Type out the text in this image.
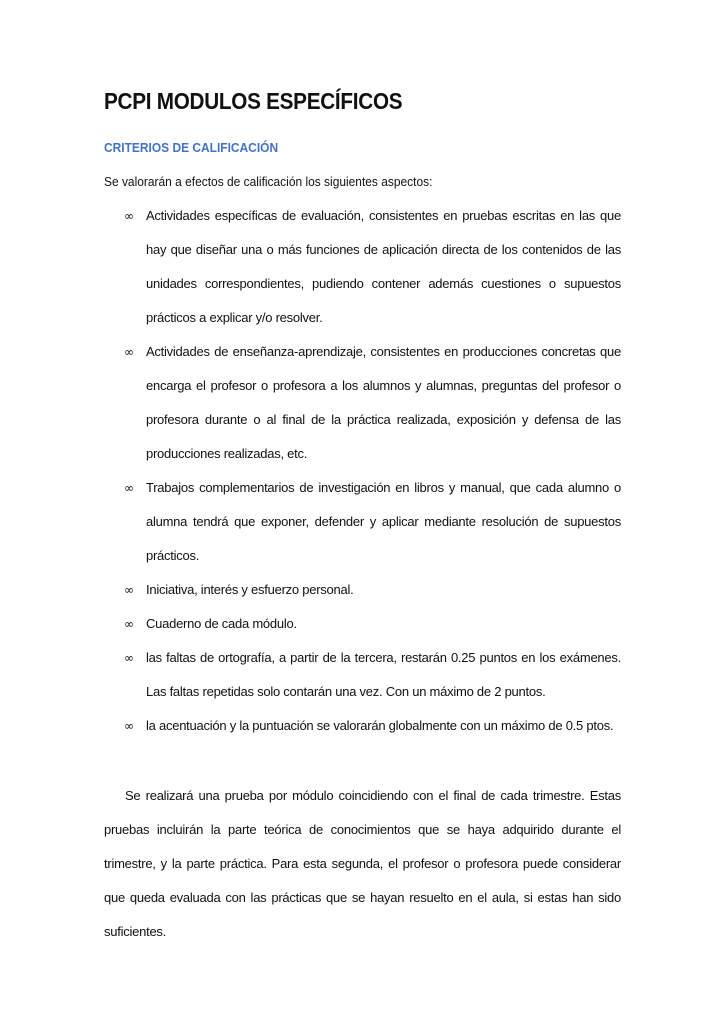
PCPI MODULOS ESPECÍFICOS
CRITERIOS DE CALIFICACIÓN

Se valorarán a efectos de calificación los siguientes aspectos:

∞ Actividades específicas de evaluación, consistentes en pruebas escritas en las que hay que diseñar una o más funciones de aplicación directa de los contenidos de las unidades correspondientes, pudiendo contener además cuestiones o supuestos prácticos a explicar y/o resolver.
∞ Actividades de enseñanza-aprendizaje, consistentes en producciones concretas que encarga el profesor o profesora a los alumnos y alumnas, preguntas del profesor o profesora durante o al final de la práctica realizada, exposición y defensa de las producciones realizadas, etc.
∞ Trabajos complementarios de investigación en libros y manual, que cada alumno o alumna tendrá que exponer, defender y aplicar mediante resolución de supuestos prácticos.
∞ Iniciativa, interés y esfuerzo personal.
∞ Cuaderno de cada módulo.
∞ las faltas de ortografía, a partir de la tercera, restarán 0.25 puntos en los exámenes. Las faltas repetidas solo contarán una vez. Con un máximo de 2 puntos.
∞ la acentuación y la puntuación se valorarán globalmente con un máximo de 0.5 ptos.

Se realizará una prueba por módulo coincidiendo con el final de cada trimestre. Estas pruebas incluirán la parte teórica de conocimientos que se haya adquirido durante el trimestre, y la parte práctica. Para esta segunda, el profesor o profesora puede considerar que queda evaluada con las prácticas que se hayan resuelto en el aula, si estas han sido suficientes.
